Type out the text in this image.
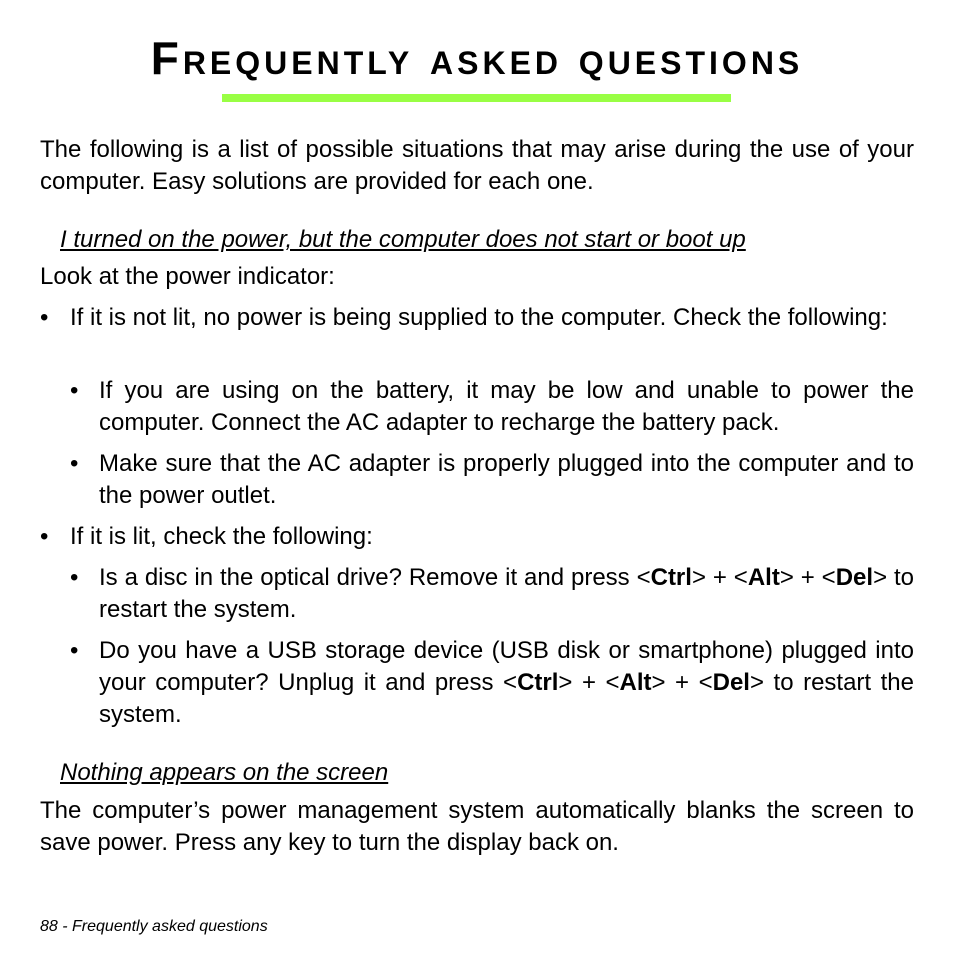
Frequently asked questions

The following is a list of possible situations that may arise during the use of your computer. Easy solutions are provided for each one.

I turned on the power, but the computer does not start or boot up

Look at the power indicator:

• If it is not lit, no power is being supplied to the computer. Check the following:
• If you are using on the battery, it may be low and unable to power the computer. Connect the AC adapter to recharge the battery pack.
• Make sure that the AC adapter is properly plugged into the computer and to the power outlet.
• If it is lit, check the following:
• Is a disc in the optical drive? Remove it and press <Ctrl> + <Alt> + <Del> to restart the system.
• Do you have a USB storage device (USB disk or smartphone) plugged into your computer? Unplug it and press <Ctrl> + <Alt> + <Del> to restart the system.

Nothing appears on the screen

The computer’s power management system automatically blanks the screen to save power. Press any key to turn the display back on.

88 - Frequently asked questions
